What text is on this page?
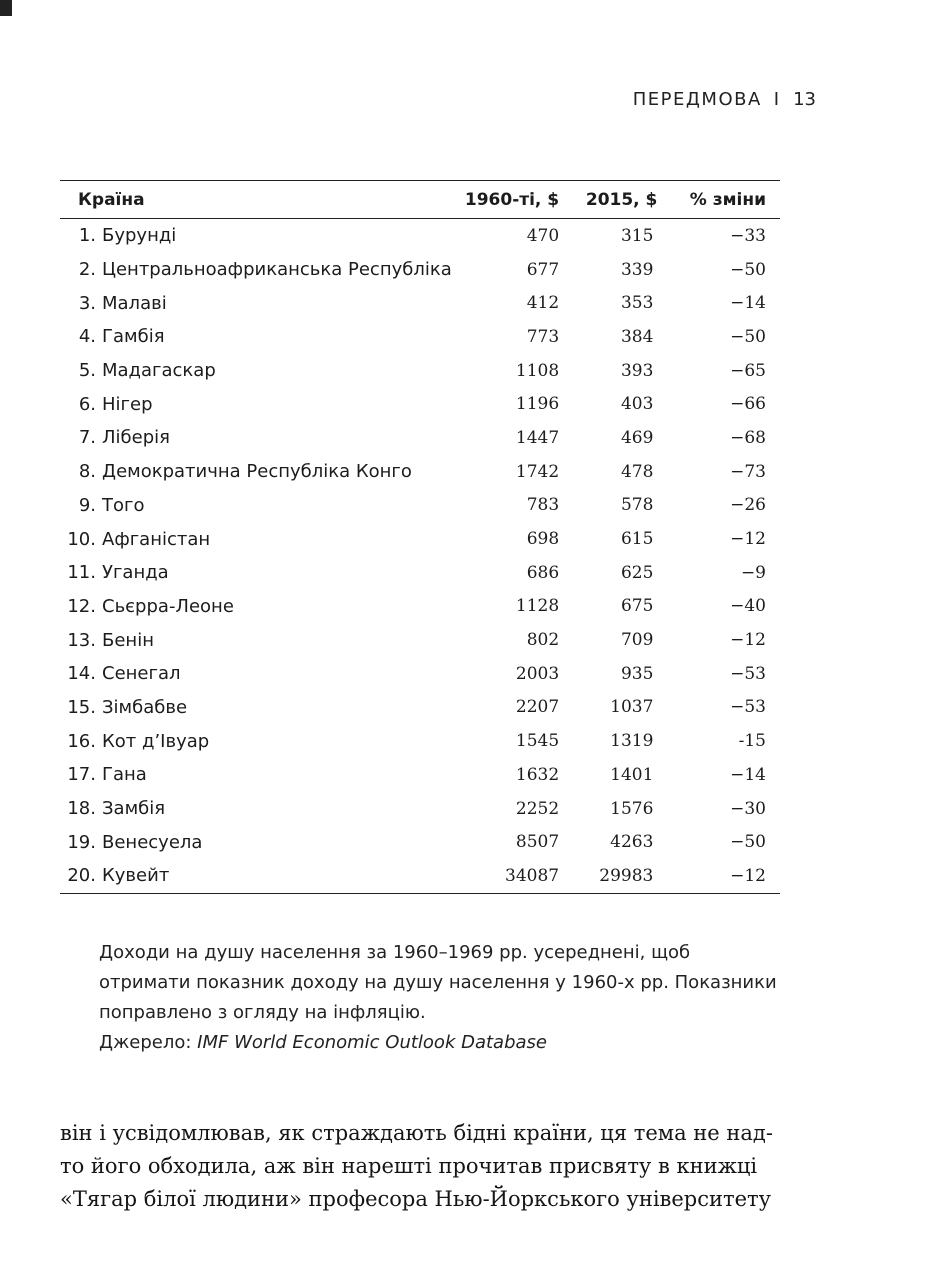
ПЕРЕДМОВА I 13
Країна	1960-ті, $	2015, $	% зміни
1. Бурунді	470	315	−33
2. Центральноафриканська Республіка	677	339	−50
3. Малаві	412	353	−14
4. Гамбія	773	384	−50
5. Мадагаскар	1108	393	−65
6. Нігер	1196	403	−66
7. Ліберія	1447	469	−68
8. Демократична Республіка Конго	1742	478	−73
9. Того	783	578	−26
10. Афганістан	698	615	−12
11. Уганда	686	625	−9
12. Сьєрра-Леоне	1128	675	−40
13. Бенін	802	709	−12
14. Сенегал	2003	935	−53
15. Зімбабве	2207	1037	−53
16. Кот д’Івуар	1545	1319	-15
17. Гана	1632	1401	−14
18. Замбія	2252	1576	−30
19. Венесуела	8507	4263	−50
20. Кувейт	34087	29983	−12

Доходи на душу населення за 1960–1969 рр. усереднені, щоб отримати показник доходу на душу населення у 1960-х рр. Показники поправлено з огляду на інфляцію.

Джерело: IMF World Economic Outlook Database

він і усвідомлював, як страждають бідні країни, ця тема не над-

то його обходила, аж він нарешті прочитав присвяту в книжці

«Тягар білої людини» професора Нью-Йоркського університету
